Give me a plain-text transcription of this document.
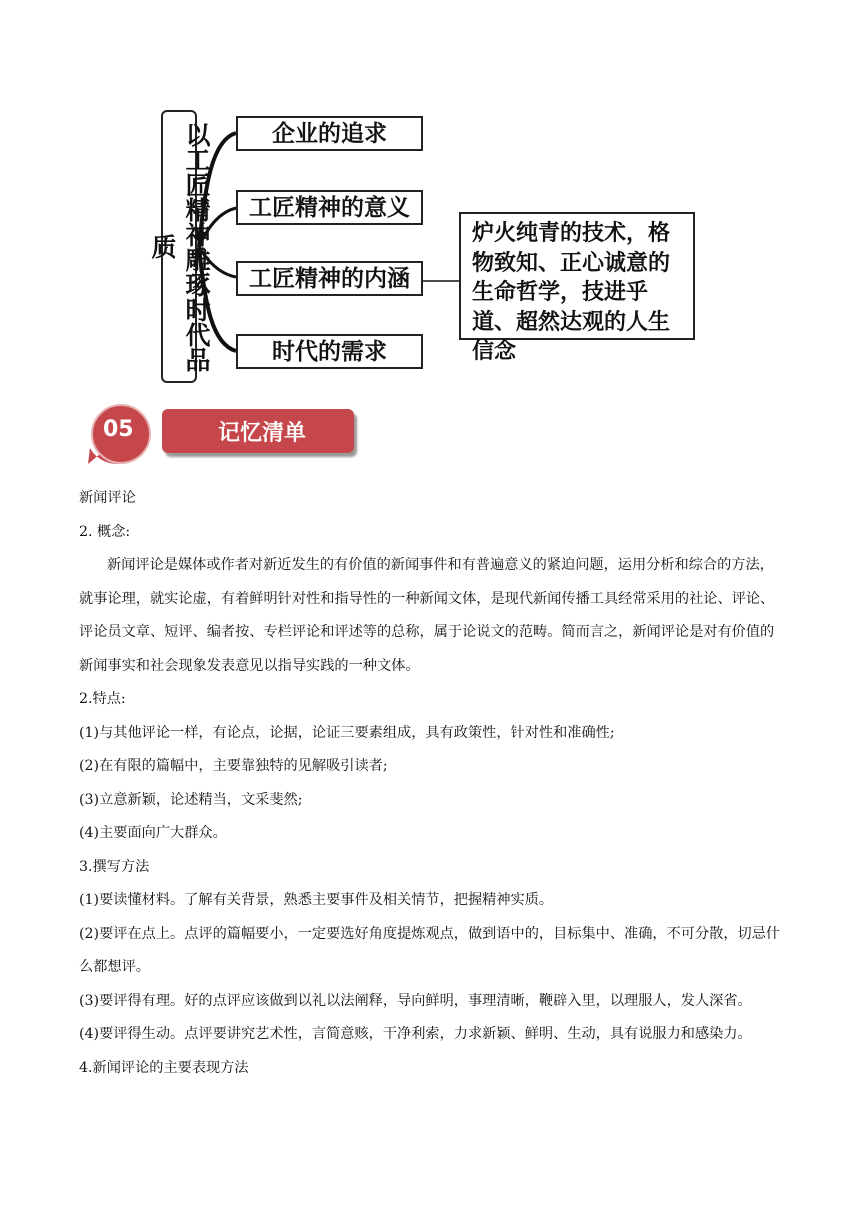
以工匠精神雕琢时代品质
企业的追求
工匠精神的意义
工匠精神的内涵
时代的需求
炉火纯青的技术，格物致知、正心诚意的生命哲学，技进乎道、超然达观的人生信念
记忆清单
05

新闻评论

2. 概念:

新闻评论是媒体或作者对新近发生的有价值的新闻事件和有普遍意义的紧迫问题，运用分析和综合的方法，就事论理，就实论虚，有着鲜明针对性和指导性的一种新闻文体，是现代新闻传播工具经常采用的社论、评论、评论员文章、短评、编者按、专栏评论和评述等的总称，属于论说文的范畴。简而言之，新闻评论是对有价值的新闻事实和社会现象发表意见以指导实践的一种文体。

2.特点:

(1)与其他评论一样，有论点，论据，论证三要素组成，具有政策性，针对性和准确性;

(2)在有限的篇幅中，主要靠独特的见解吸引读者;

(3)立意新颖，论述精当，文采斐然;

(4)主要面向广大群众。

3.撰写方法

(1)要读懂材料。了解有关背景，熟悉主要事件及相关情节，把握精神实质。

(2)要评在点上。点评的篇幅要小，一定要选好角度提炼观点，做到语中的，目标集中、准确，不可分散，切忌什么都想评。

(3)要评得有理。好的点评应该做到以礼以法阐释，导向鲜明，事理清晰，鞭辟入里，以理服人，发人深省。

(4)要评得生动。点评要讲究艺术性，言简意赅，干净利索，力求新颖、鲜明、生动，具有说服力和感染力。

4.新闻评论的主要表现方法
